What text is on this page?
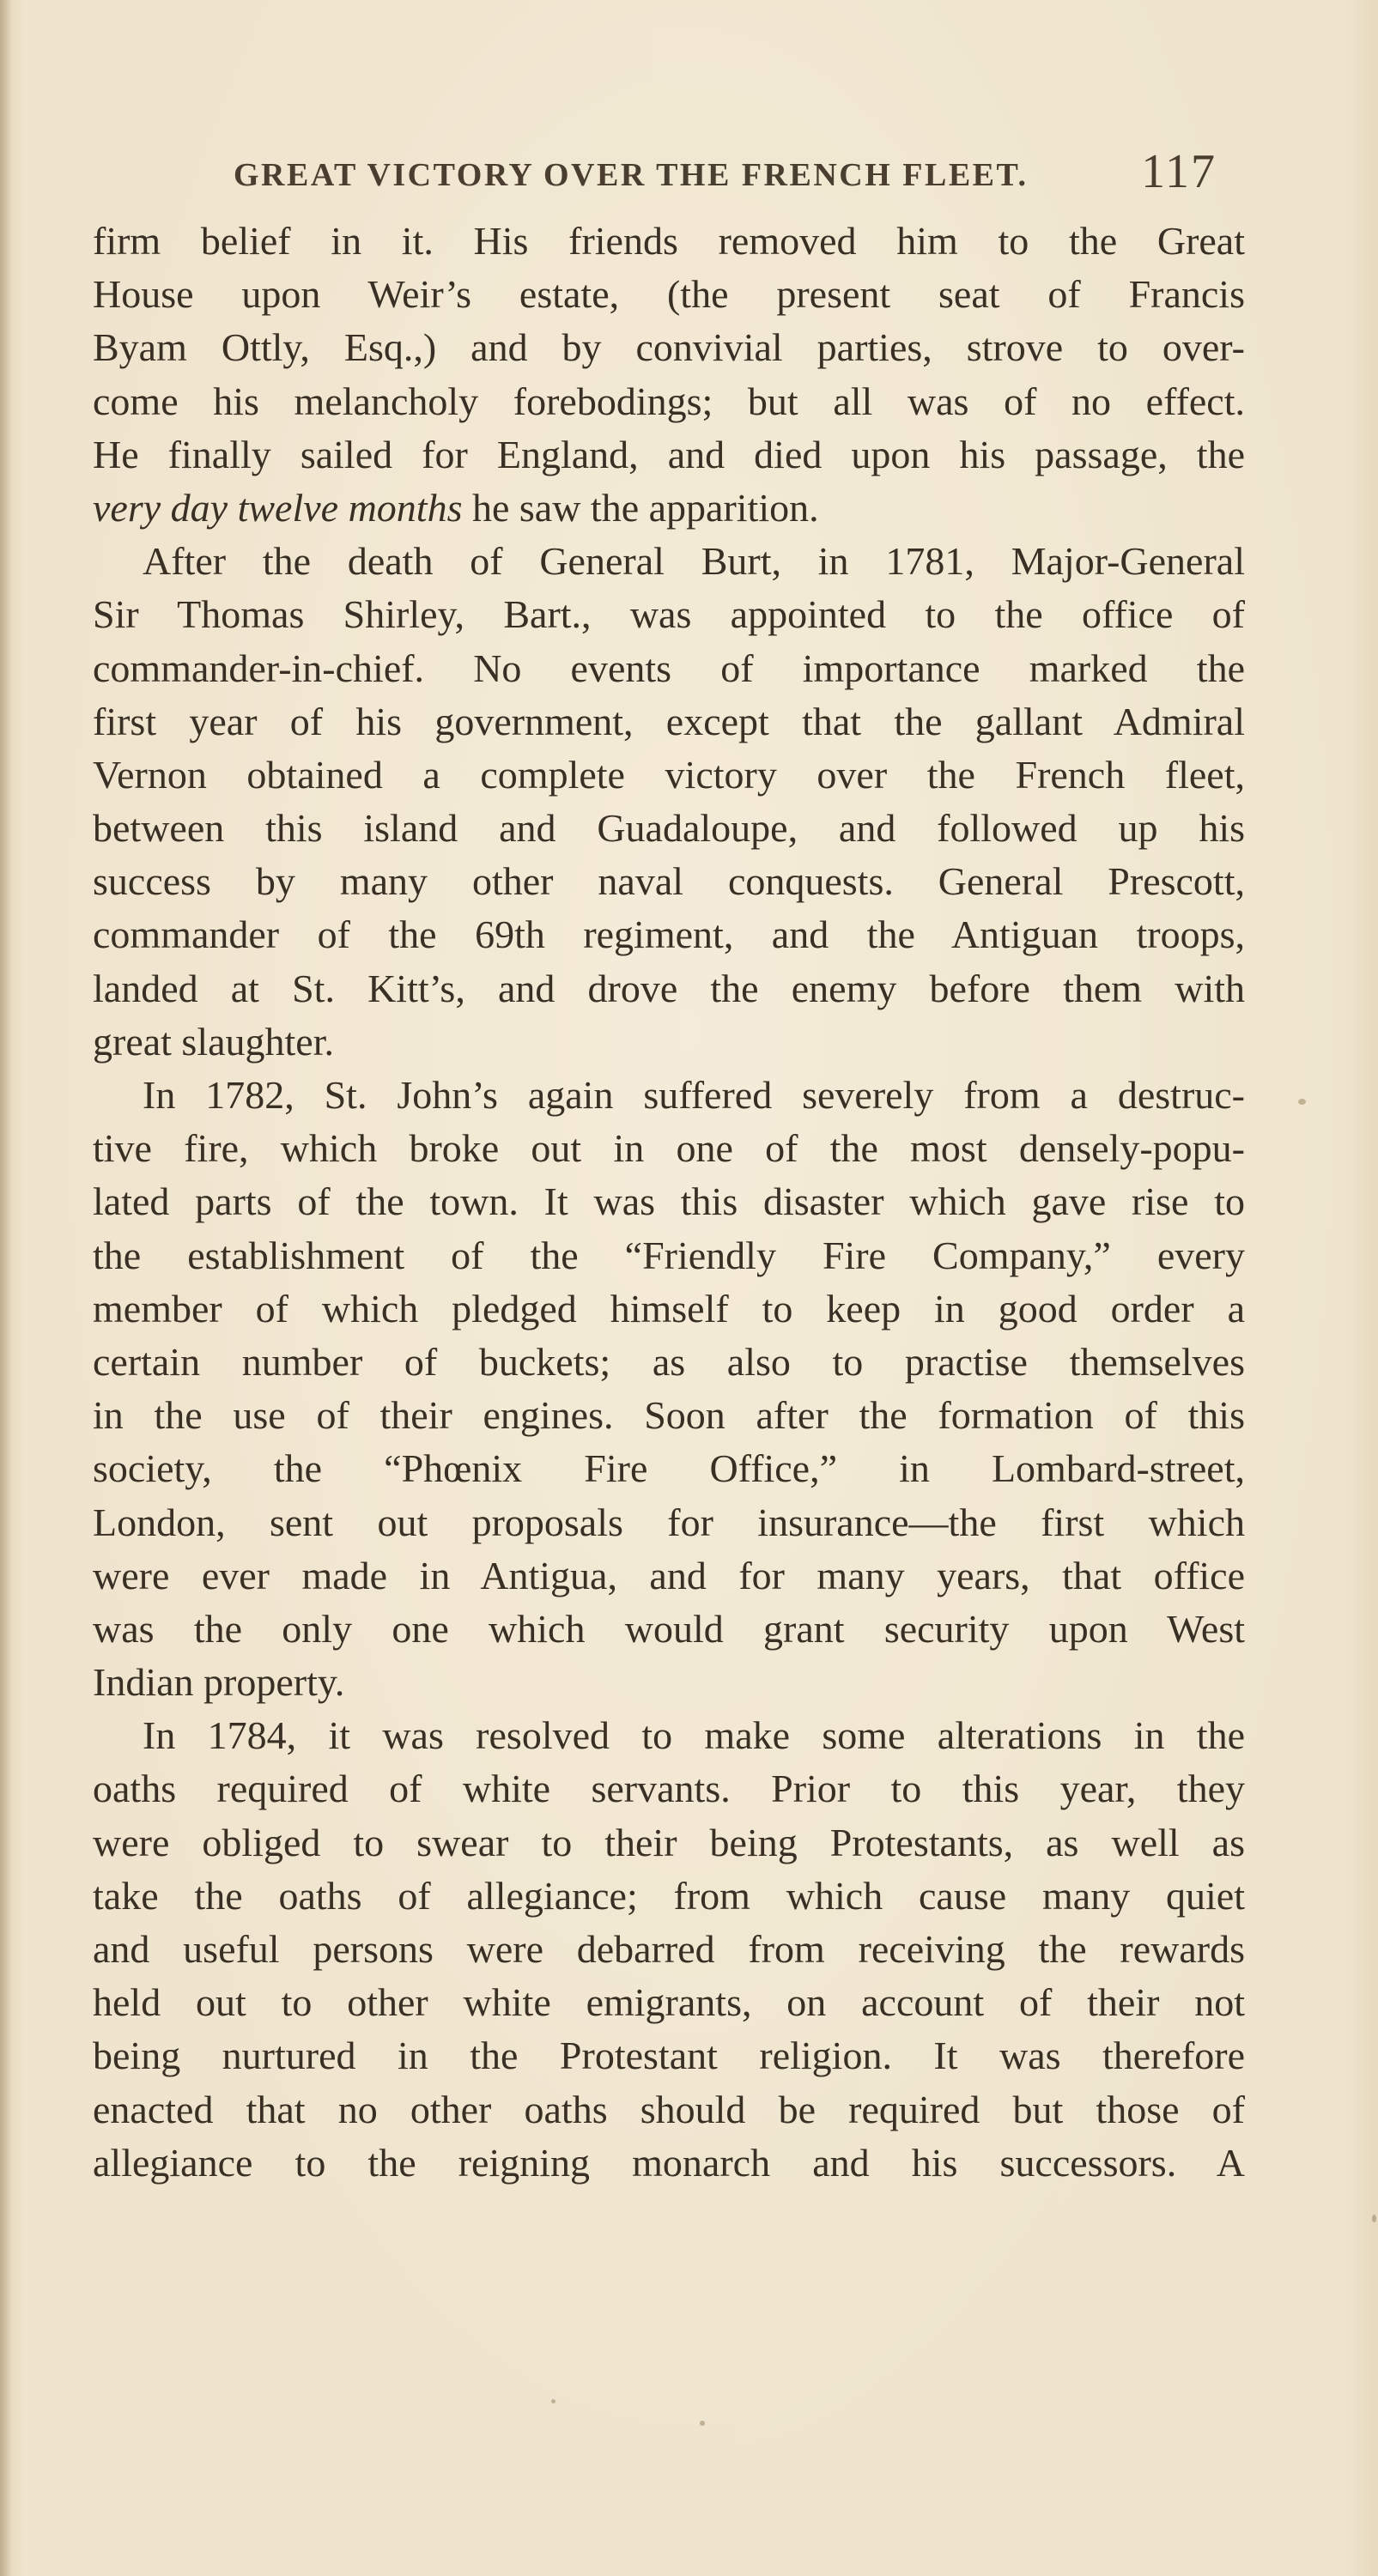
GREAT VICTORY OVER THE FRENCH FLEET. 117
firm belief in it. His friends removed him to the Great
House upon Weir’s estate, (the present seat of Francis
Byam Ottly, Esq.,) and by convivial parties, strove to over-
come his melancholy forebodings; but all was of no effect.
He finally sailed for England, and died upon his passage, the
very day twelve months he saw the apparition.
After the death of General Burt, in 1781, Major-General
Sir Thomas Shirley, Bart., was appointed to the office of
commander-in-chief. No events of importance marked the
first year of his government, except that the gallant Admiral
Vernon obtained a complete victory over the French fleet,
between this island and Guadaloupe, and followed up his
success by many other naval conquests. General Prescott,
commander of the 69th regiment, and the Antiguan troops,
landed at St. Kitt’s, and drove the enemy before them with
great slaughter.
In 1782, St. John’s again suffered severely from a destruc-
tive fire, which broke out in one of the most densely-popu-
lated parts of the town. It was this disaster which gave rise to
the establishment of the “Friendly Fire Company,” every
member of which pledged himself to keep in good order a
certain number of buckets; as also to practise themselves
in the use of their engines. Soon after the formation of this
society, the “Phœnix Fire Office,” in Lombard-street,
London, sent out proposals for insurance—the first which
were ever made in Antigua, and for many years, that office
was the only one which would grant security upon West
Indian property.
In 1784, it was resolved to make some alterations in the
oaths required of white servants. Prior to this year, they
were obliged to swear to their being Protestants, as well as
take the oaths of allegiance; from which cause many quiet
and useful persons were debarred from receiving the rewards
held out to other white emigrants, on account of their not
being nurtured in the Protestant religion. It was therefore
enacted that no other oaths should be required but those of
allegiance to the reigning monarch and his successors. A
